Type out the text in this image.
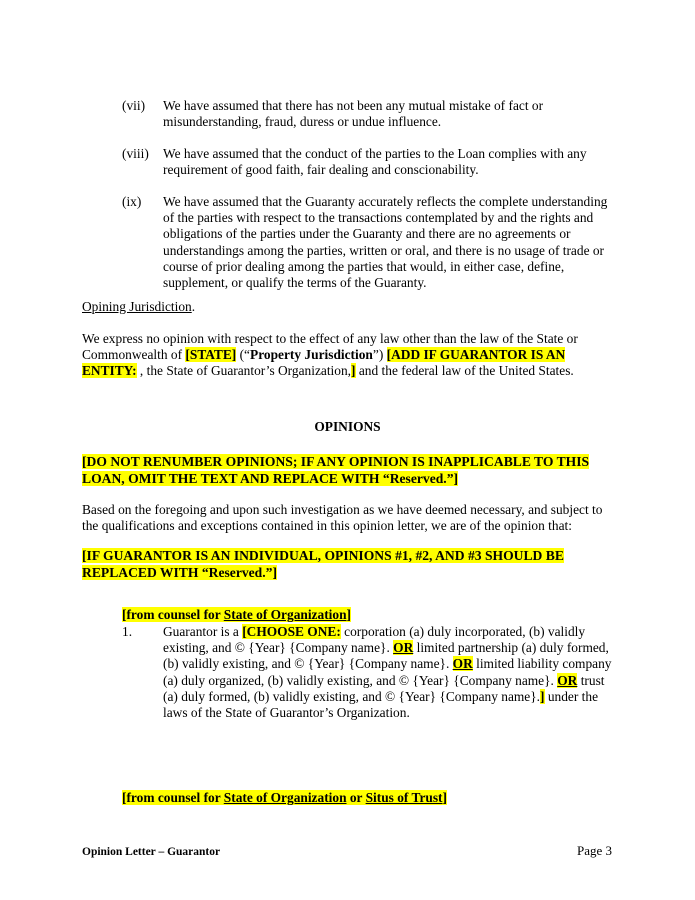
(vii) We have assumed that there has not been any mutual mistake of fact or misunderstanding, fraud, duress or undue influence.

(viii) We have assumed that the conduct of the parties to the Loan complies with any requirement of good faith, fair dealing and conscionability.

(ix) We have assumed that the Guaranty accurately reflects the complete understanding of the parties with respect to the transactions contemplated by and the rights and obligations of the parties under the Guaranty and there are no agreements or understandings among the parties, written or oral, and there is no usage of trade or course of prior dealing among the parties that would, in either case, define, supplement, or qualify the terms of the Guaranty.

Opining Jurisdiction.

We express no opinion with respect to the effect of any law other than the law of the State or Commonwealth of [STATE] (“Property Jurisdiction”) [ADD IF GUARANTOR IS AN ENTITY: , the State of Guarantor’s Organization,] and the federal law of the United States.

OPINIONS

[DO NOT RENUMBER OPINIONS; IF ANY OPINION IS INAPPLICABLE TO THIS LOAN, OMIT THE TEXT AND REPLACE WITH “Reserved.”]

Based on the foregoing and upon such investigation as we have deemed necessary, and subject to the qualifications and exceptions contained in this opinion letter, we are of the opinion that:

[IF GUARANTOR IS AN INDIVIDUAL, OPINIONS #1, #2, AND #3 SHOULD BE REPLACED WITH “Reserved.”]

[from counsel for State of Organization]
1. Guarantor is a [CHOOSE ONE: corporation (a) duly incorporated, (b) validly existing, and © {Year} {Company name}. OR limited partnership (a) duly formed, (b) validly existing, and © {Year} {Company name}. OR limited liability company (a) duly organized, (b) validly existing, and © {Year} {Company name}. OR trust (a) duly formed, (b) validly existing, and © {Year} {Company name}.] under the laws of the State of Guarantor’s Organization.

[from counsel for State of Organization or Situs of Trust]
Opinion Letter – Guarantor	Page 3
